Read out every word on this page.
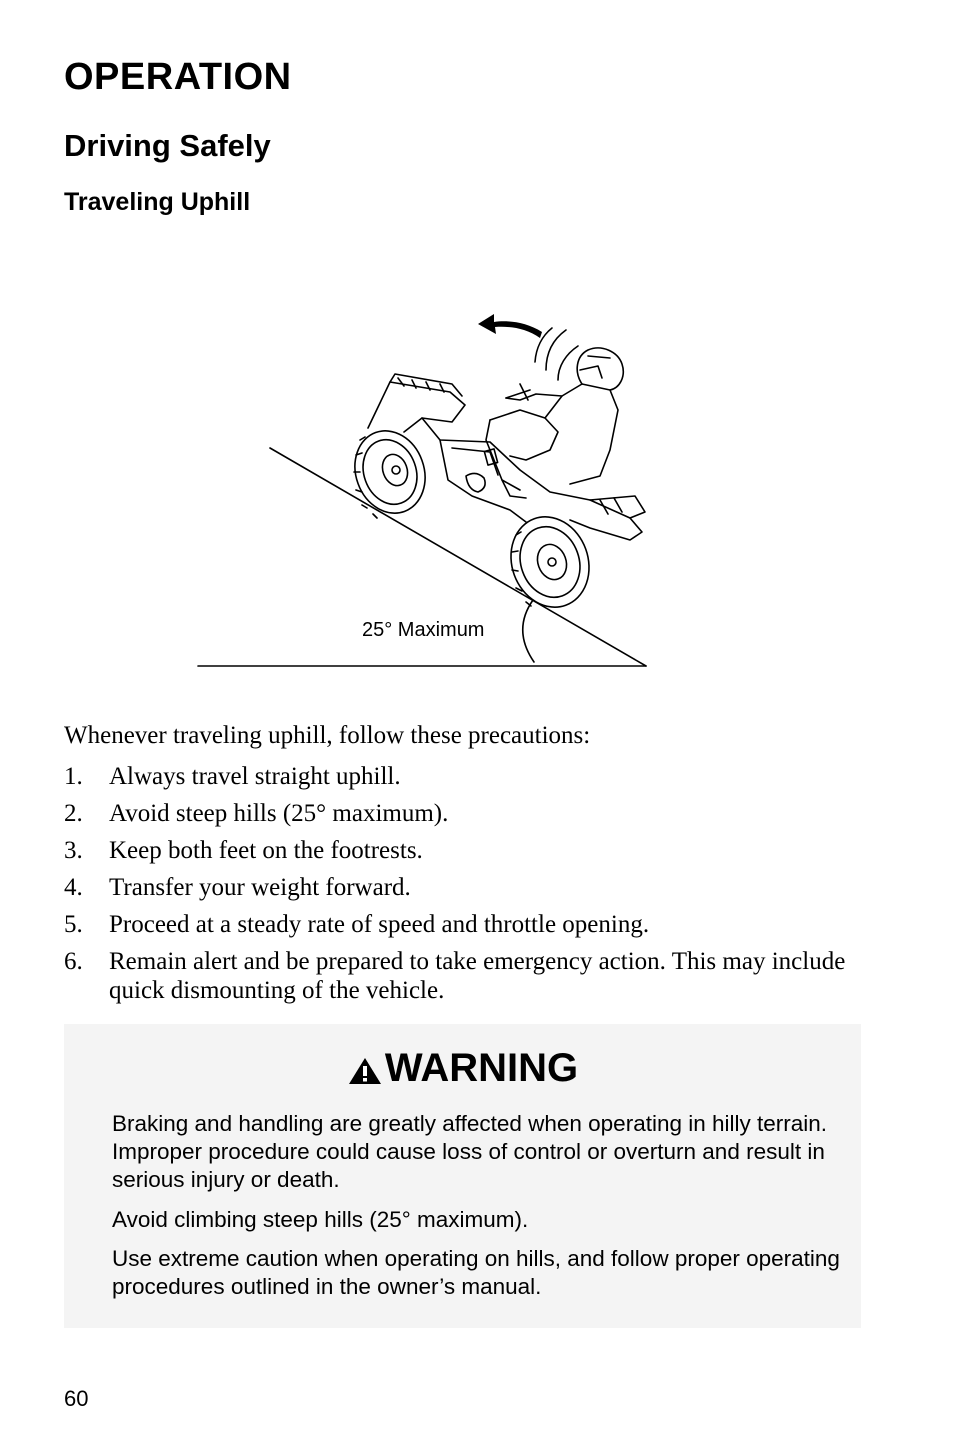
OPERATION
Driving Safely
Traveling Uphill
25° Maximum
Whenever traveling uphill, follow these precautions:
1.	Always travel straight uphill.
2.	Avoid steep hills (25° maximum).
3.	Keep both feet on the footrests.
4.	Transfer your weight forward.
5.	Proceed at a steady rate of speed and throttle opening.
6.	Remain alert and be prepared to take emergency action. This may include quick dismounting of the vehicle.
WARNING

Braking and handling are greatly affected when operating in hilly terrain. Improper procedure could cause loss of control or overturn and result in serious injury or death.

Avoid climbing steep hills (25° maximum).

Use extreme caution when operating on hills, and follow proper operating procedures outlined in the owner’s manual.

60
